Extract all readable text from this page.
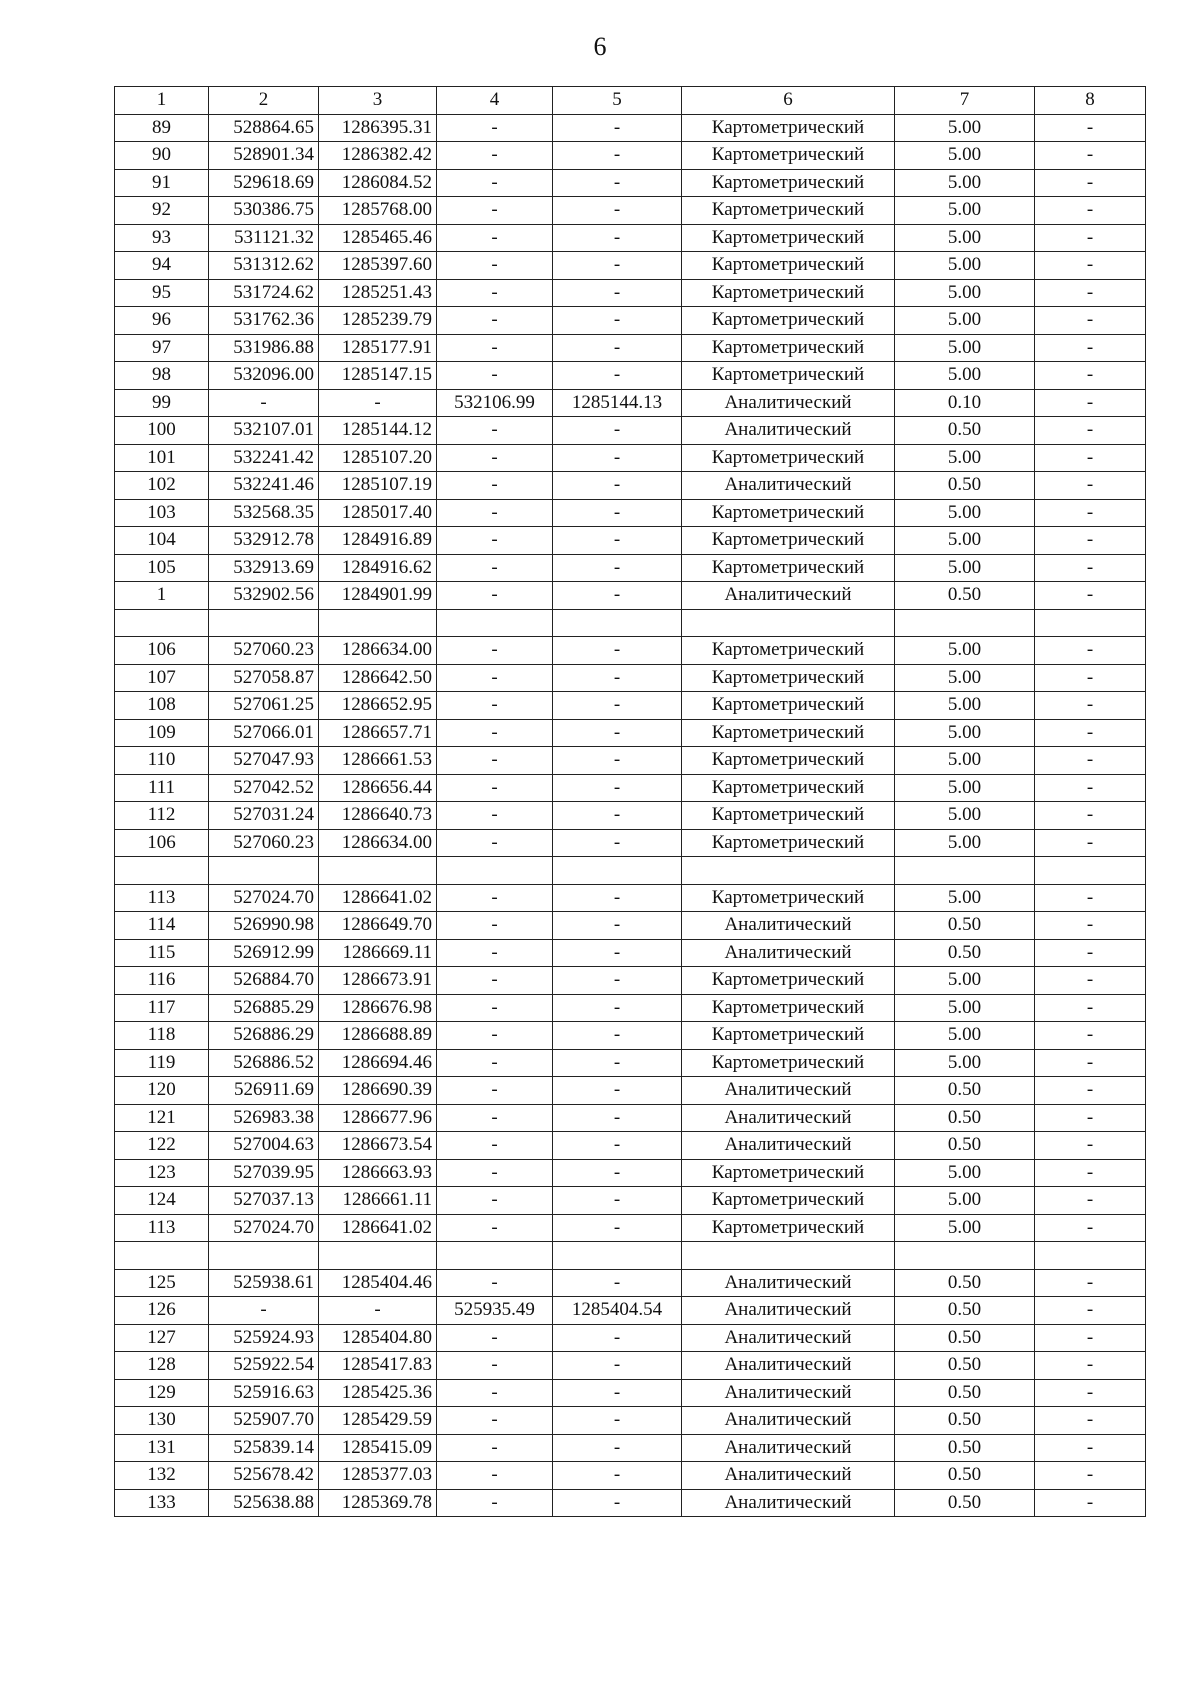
6
1	2	3	4	5	6	7	8
89	528864.65	1286395.31	-	-	Картометрический	5.00	-
90	528901.34	1286382.42	-	-	Картометрический	5.00	-
91	529618.69	1286084.52	-	-	Картометрический	5.00	-
92	530386.75	1285768.00	-	-	Картометрический	5.00	-
93	531121.32	1285465.46	-	-	Картометрический	5.00	-
94	531312.62	1285397.60	-	-	Картометрический	5.00	-
95	531724.62	1285251.43	-	-	Картометрический	5.00	-
96	531762.36	1285239.79	-	-	Картометрический	5.00	-
97	531986.88	1285177.91	-	-	Картометрический	5.00	-
98	532096.00	1285147.15	-	-	Картометрический	5.00	-
99	-	-	532106.99	1285144.13	Аналитический	0.10	-
100	532107.01	1285144.12	-	-	Аналитический	0.50	-
101	532241.42	1285107.20	-	-	Картометрический	5.00	-
102	532241.46	1285107.19	-	-	Аналитический	0.50	-
103	532568.35	1285017.40	-	-	Картометрический	5.00	-
104	532912.78	1284916.89	-	-	Картометрический	5.00	-
105	532913.69	1284916.62	-	-	Картометрический	5.00	-
1	532902.56	1284901.99	-	-	Аналитический	0.50	-

106	527060.23	1286634.00	-	-	Картометрический	5.00	-
107	527058.87	1286642.50	-	-	Картометрический	5.00	-
108	527061.25	1286652.95	-	-	Картометрический	5.00	-
109	527066.01	1286657.71	-	-	Картометрический	5.00	-
110	527047.93	1286661.53	-	-	Картометрический	5.00	-
111	527042.52	1286656.44	-	-	Картометрический	5.00	-
112	527031.24	1286640.73	-	-	Картометрический	5.00	-
106	527060.23	1286634.00	-	-	Картометрический	5.00	-

113	527024.70	1286641.02	-	-	Картометрический	5.00	-
114	526990.98	1286649.70	-	-	Аналитический	0.50	-
115	526912.99	1286669.11	-	-	Аналитический	0.50	-
116	526884.70	1286673.91	-	-	Картометрический	5.00	-
117	526885.29	1286676.98	-	-	Картометрический	5.00	-
118	526886.29	1286688.89	-	-	Картометрический	5.00	-
119	526886.52	1286694.46	-	-	Картометрический	5.00	-
120	526911.69	1286690.39	-	-	Аналитический	0.50	-
121	526983.38	1286677.96	-	-	Аналитический	0.50	-
122	527004.63	1286673.54	-	-	Аналитический	0.50	-
123	527039.95	1286663.93	-	-	Картометрический	5.00	-
124	527037.13	1286661.11	-	-	Картометрический	5.00	-
113	527024.70	1286641.02	-	-	Картометрический	5.00	-

125	525938.61	1285404.46	-	-	Аналитический	0.50	-
126	-	-	525935.49	1285404.54	Аналитический	0.50	-
127	525924.93	1285404.80	-	-	Аналитический	0.50	-
128	525922.54	1285417.83	-	-	Аналитический	0.50	-
129	525916.63	1285425.36	-	-	Аналитический	0.50	-
130	525907.70	1285429.59	-	-	Аналитический	0.50	-
131	525839.14	1285415.09	-	-	Аналитический	0.50	-
132	525678.42	1285377.03	-	-	Аналитический	0.50	-
133	525638.88	1285369.78	-	-	Аналитический	0.50	-
